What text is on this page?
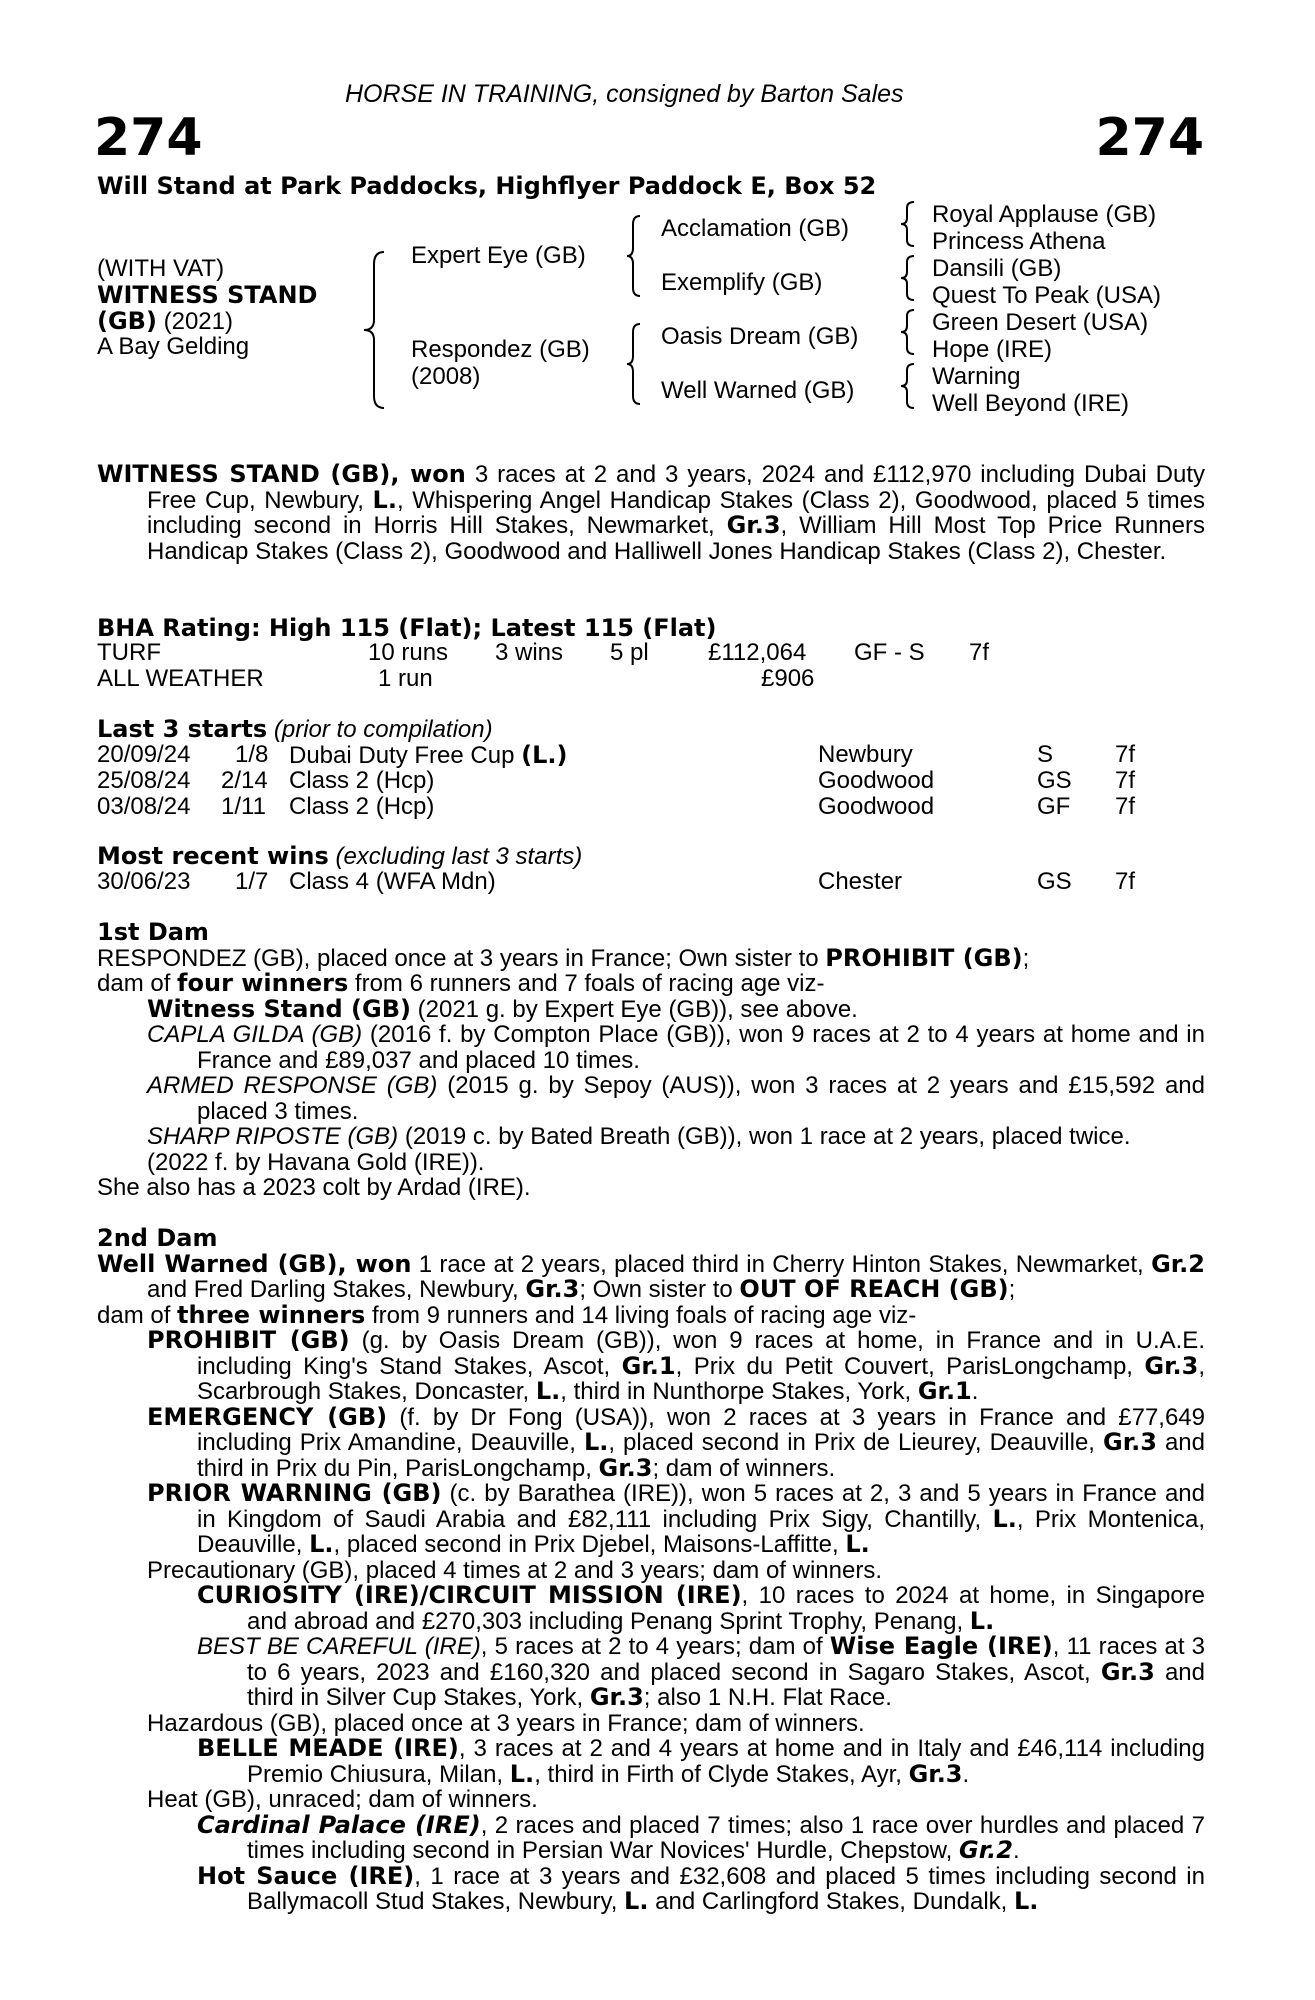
HORSE IN TRAINING, consigned by Barton Sales
274	274
Will Stand at Park Paddocks, Highflyer Paddock E, Box 52
(WITH VAT)
WITNESS STAND
(GB) (2021)
A Bay Gelding
Expert Eye (GB)
Respondez (GB)
(2008)
Acclamation (GB)
Exemplify (GB)
Oasis Dream (GB)
Well Warned (GB)
Royal Applause (GB)
Princess Athena
Dansili (GB)
Quest To Peak (USA)
Green Desert (USA)
Hope (IRE)
Warning
Well Beyond (IRE)
WITNESS STAND (GB), won 3 races at 2 and 3 years, 2024 and £112,970 including Dubai Duty Free Cup, Newbury, L., Whispering Angel Handicap Stakes (Class 2), Goodwood, placed 5 times including second in Horris Hill Stakes, Newmarket, Gr.3, William Hill Most Top Price Runners Handicap Stakes (Class 2), Goodwood and Halliwell Jones Handicap Stakes (Class 2), Chester.
BHA Rating: High 115 (Flat); Latest 115 (Flat)
TURF	10 runs 3 wins 5 pl £112,064 GF - S 7f
ALL WEATHER	1 run	£906
Last 3 starts (prior to compilation)
20/09/24 1/8 Dubai Duty Free Cup (L.)	Newbury	S	7f
25/08/24 2/14 Class 2 (Hcp)	Goodwood	GS 7f
03/08/24 1/11 Class 2 (Hcp)	Goodwood	GF 7f
Most recent wins (excluding last 3 starts)
30/06/23 1/7 Class 4 (WFA Mdn)	Chester	GS 7f

1st Dam

RESPONDEZ (GB), placed once at 3 years in France; Own sister to PROHIBIT (GB);

dam of four winners from 6 runners and 7 foals of racing age viz-

Witness Stand (GB) (2021 g. by Expert Eye (GB)), see above.

CAPLA GILDA (GB) (2016 f. by Compton Place (GB)), won 9 races at 2 to 4 years at home and in France and £89,037 and placed 10 times.

ARMED RESPONSE (GB) (2015 g. by Sepoy (AUS)), won 3 races at 2 years and £15,592 and placed 3 times.

SHARP RIPOSTE (GB) (2019 c. by Bated Breath (GB)), won 1 race at 2 years, placed twice.

(2022 f. by Havana Gold (IRE)).

She also has a 2023 colt by Ardad (IRE).

2nd Dam

Well Warned (GB), won 1 race at 2 years, placed third in Cherry Hinton Stakes, Newmarket, Gr.2 and Fred Darling Stakes, Newbury, Gr.3; Own sister to OUT OF REACH (GB);

dam of three winners from 9 runners and 14 living foals of racing age viz-

PROHIBIT (GB) (g. by Oasis Dream (GB)), won 9 races at home, in France and in U.A.E. including King's Stand Stakes, Ascot, Gr.1, Prix du Petit Couvert, ParisLongchamp, Gr.3, Scarbrough Stakes, Doncaster, L., third in Nunthorpe Stakes, York, Gr.1.

EMERGENCY (GB) (f. by Dr Fong (USA)), won 2 races at 3 years in France and £77,649 including Prix Amandine, Deauville, L., placed second in Prix de Lieurey, Deauville, Gr.3 and third in Prix du Pin, ParisLongchamp, Gr.3; dam of winners.

PRIOR WARNING (GB) (c. by Barathea (IRE)), won 5 races at 2, 3 and 5 years in France and in Kingdom of Saudi Arabia and £82,111 including Prix Sigy, Chantilly, L., Prix Montenica, Deauville, L., placed second in Prix Djebel, Maisons-Laffitte, L.

Precautionary (GB), placed 4 times at 2 and 3 years; dam of winners.

CURIOSITY (IRE)/CIRCUIT MISSION (IRE), 10 races to 2024 at home, in Singapore and abroad and £270,303 including Penang Sprint Trophy, Penang, L.

BEST BE CAREFUL (IRE), 5 races at 2 to 4 years; dam of Wise Eagle (IRE), 11 races at 3 to 6 years, 2023 and £160,320 and placed second in Sagaro Stakes, Ascot, Gr.3 and third in Silver Cup Stakes, York, Gr.3; also 1 N.H. Flat Race.

Hazardous (GB), placed once at 3 years in France; dam of winners.

BELLE MEADE (IRE), 3 races at 2 and 4 years at home and in Italy and £46,114 including Premio Chiusura, Milan, L., third in Firth of Clyde Stakes, Ayr, Gr.3.

Heat (GB), unraced; dam of winners.

Cardinal Palace (IRE), 2 races and placed 7 times; also 1 race over hurdles and placed 7 times including second in Persian War Novices' Hurdle, Chepstow, Gr.2.

Hot Sauce (IRE), 1 race at 3 years and £32,608 and placed 5 times including second in Ballymacoll Stud Stakes, Newbury, L. and Carlingford Stakes, Dundalk, L.
